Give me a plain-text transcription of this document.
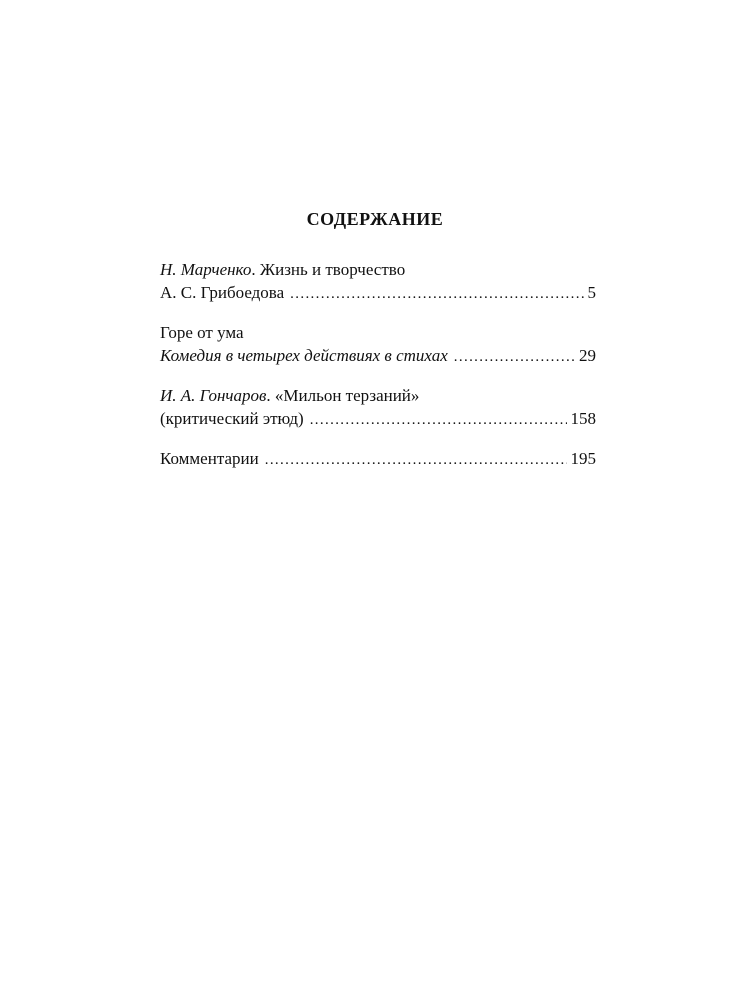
СОДЕРЖАНИЕ
Н. Марченко. Жизнь и творчество
А. С. Грибоедова . . .	5
Горе от ума
Комедия в четырех действиях в стихах . . .	29
И. А. Гончаров. «Мильон терзаний»
(критический этюд) . . .	158
Комментарии . . .	195
